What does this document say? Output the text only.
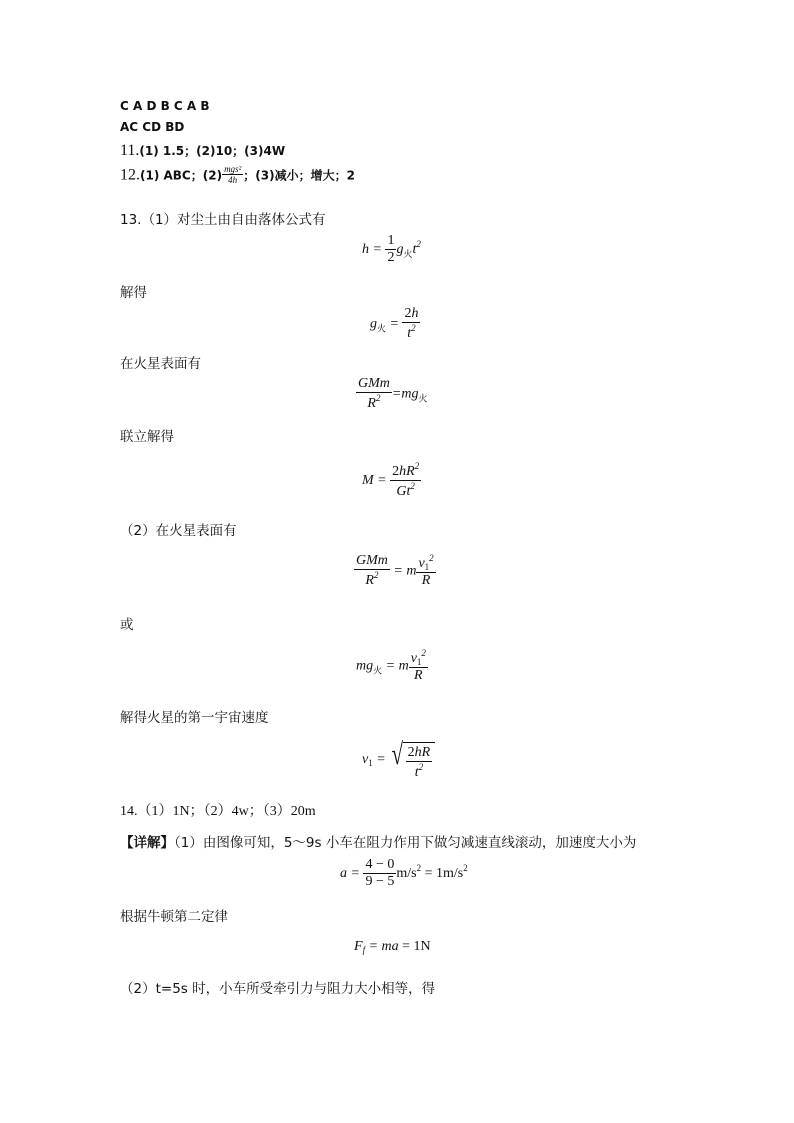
C A D B C A B
AC CD BD
11.(1) 1.5；(2)10；(3)4W
12.(1) ABC；$(2) \frac{\text{mgs²}}{4h}$ ；(3)减小；增大；2
13.（1）对尘土由自由落体公式有
$h = \frac{1}{2} g_火t^2$
解得
$g_火 = \frac{2h}{t^2}$
在火星表面有
$\frac{\text{GMm}}{R^2} =mg_火$
联立解得
$M = \frac{2hR^2}{Gt^2}$
（2）在火星表面有
$\frac{\text{GMm}}{R^2} = m \frac{v_1^2}{R}$
或
$mg_火 = m \frac{v_1^2}{R}$
解得火星的第一宇宙速度
$v_1$ = √ $\frac{2hR}{t^2}$
14.（1）1N；（2）4w；（3）20m
【详解】（1）由图像可知，5～9s 小车在阻力作用下做匀减速直线滚动，加速度大小为
$a = \frac{4 - 0}{9 - 5} m/s^2 = 1m/s^2$
根据牛顿第二定律
$F_f$ = ma = 1N
（2）t=5s 时，小车所受牵引力与阻力大小相等，得
